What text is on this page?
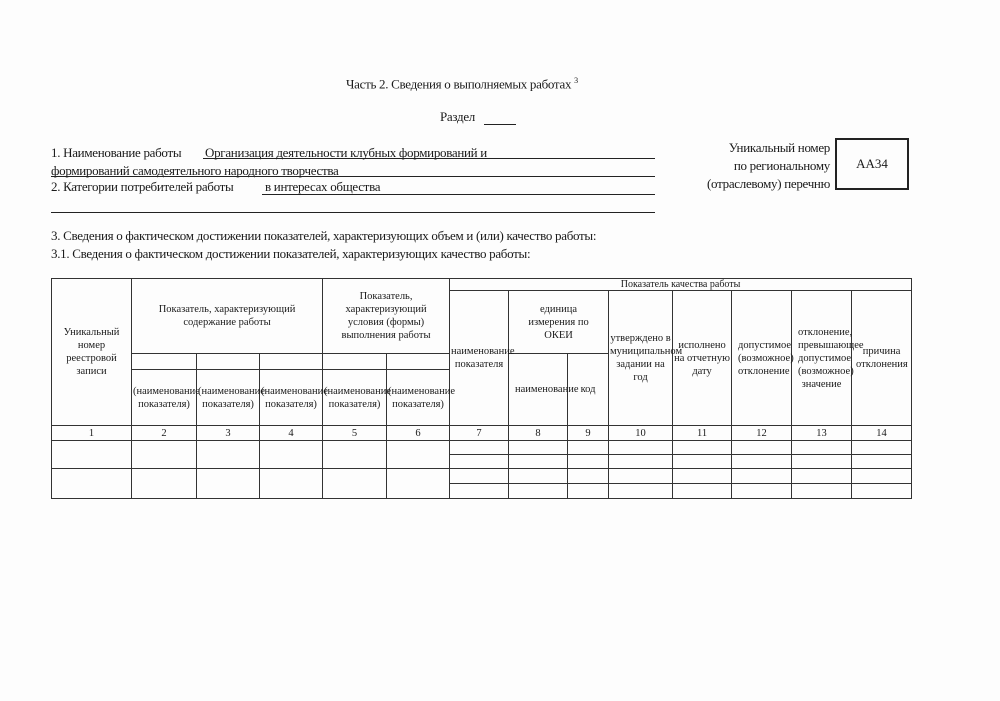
Часть 2. Сведения о выполняемых работах $^3$
Раздел
1. Наименование работы Организация деятельности клубных формирований и
формирований самодеятельного народного творчества
2. Категории потребителей работы в интересах общества
Уникальный номер
по региональному
(отраслевому) перечню
АА34
3. Сведения о фактическом достижении показателей, характеризующих объем и (или) качество работы:
3.1. Сведения о фактическом достижении показателей, характеризующих качество работы:
Уникальный номер реестровой записи	Показатель, характеризующий содержание работы			Показатель, характеризующий условия (формы) выполнения работы		Показатель качества работы							
						наименование показателя	единица измерения по ОКЕИ		утверждено в муниципальном задании на год	исполнено на отчетную дату	допустимое (возможное) отклонение	отклонение, превышающее допустимое (возможное) значение	причина отклонения
							наименование	код					
	(наименование показателя)	(наименование показателя)	(наименование показателя)	(наименование показателя)	(наименование показателя)								
1	2	3	4	5	6	7	8	9	10	11	12	13	14
